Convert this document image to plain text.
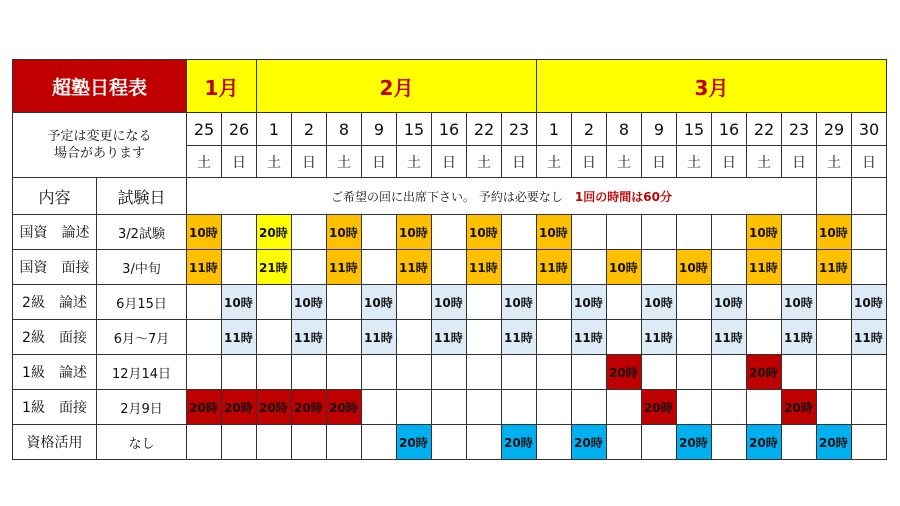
超塾日程表		1月		2月								3月									
予定は変更になる
場合があります		25	26	1	2	8	9	15	16	22	23	1	2	8	9	15	16	22	23	29	30
		土	日	土	日	土	日	土	日	土	日	土	日	土	日	土	日	土	日	土	日
内容	試験日	ご希望の回に出席下さい。 予約は必要なし　 1回の時間は60分																			
国資　論述	3/2試験	10時		20時		10時		10時		10時		10時						10時		10時	
国資　面接	3/中旬	11時		21時		11時		11時		11時		11時		10時		10時		11時		11時	
2級　論述	6月15日		10時		10時		10時		10時		10時		10時		10時		10時		10時		10時
2級　面接	6月～7月		11時		11時		11時		11時		11時		11時		11時		11時		11時		11時
1級　論述	12月14日													20時				20時			
1級　面接	2月9日	20時	20時	20時	20時	20時									20時				20時		
資格活用	なし							20時			20時		20時			20時		20時		20時	
